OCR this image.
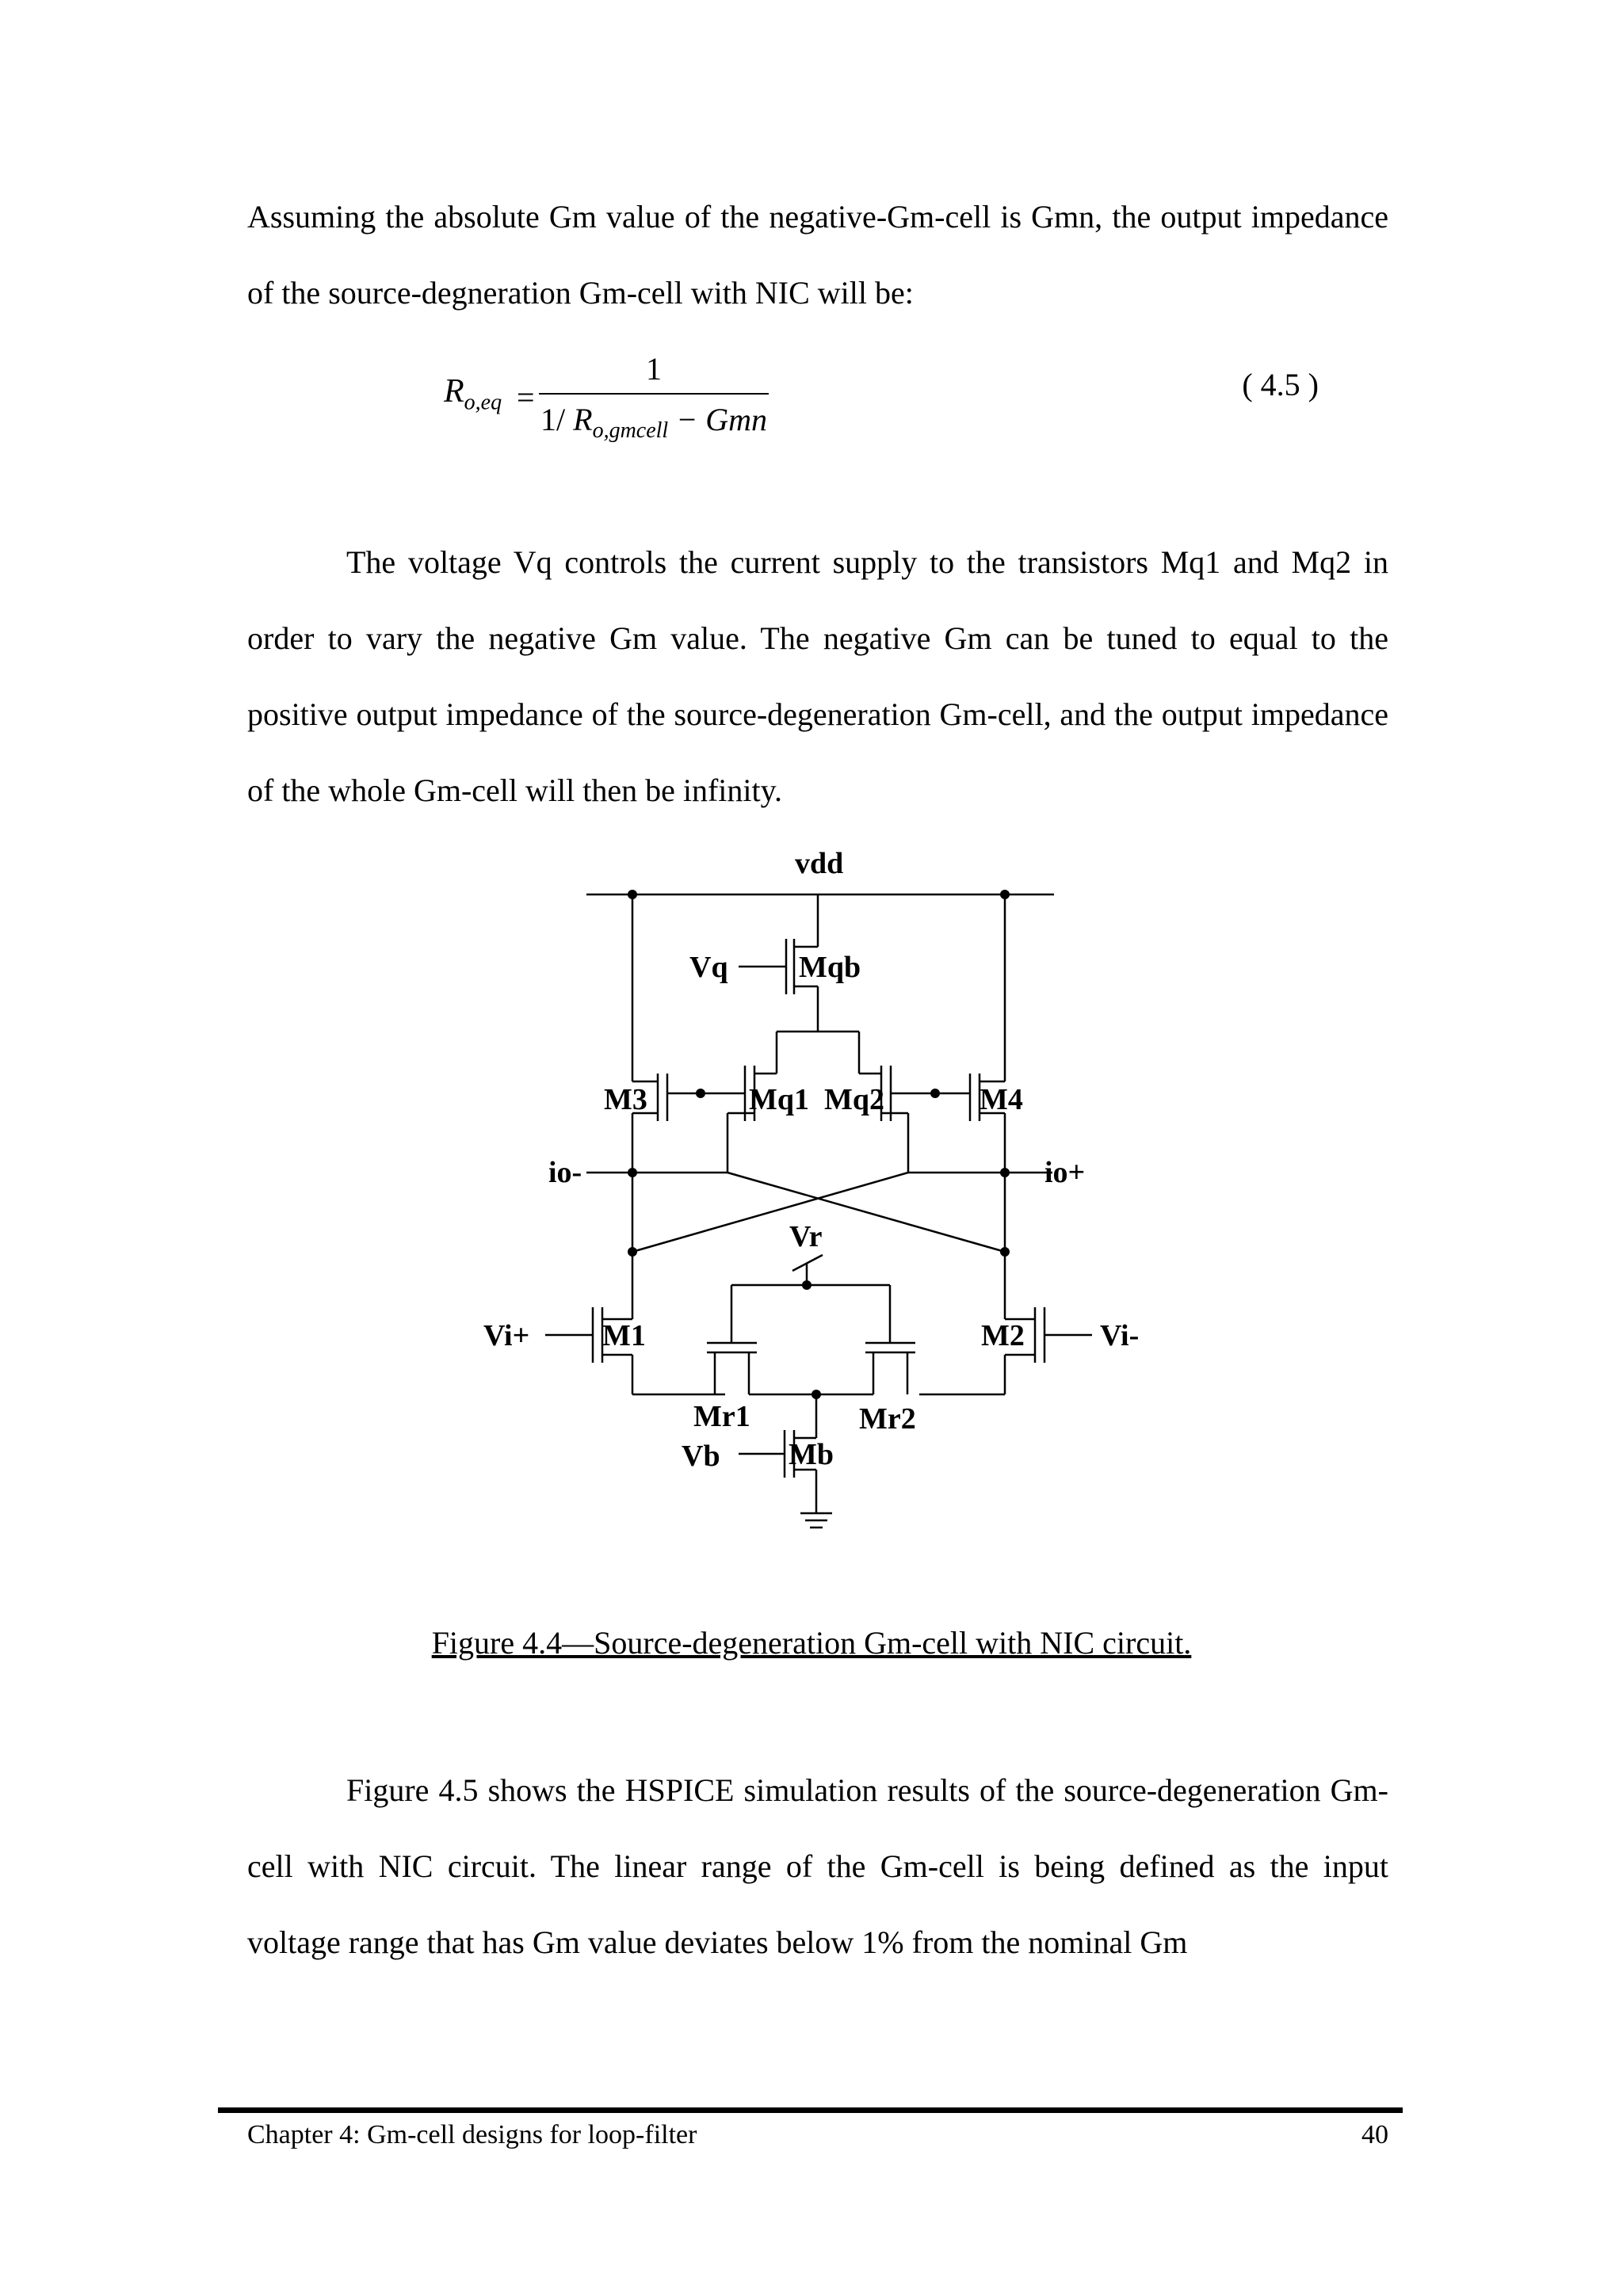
Assuming the absolute Gm value of the negative-Gm-cell is Gmn, the output impedance of the source-degneration Gm-cell with NIC will be:

$R_{o,eq}$ =
1
1/ $R_{o,gmcell}$ − Gmn
( 4.5 )

The voltage Vq controls the current supply to the transistors Mq1 and Mq2 in order to vary the negative Gm value. The negative Gm can be tuned to equal to the positive output impedance of the source-degeneration Gm-cell, and the output impedance of the whole Gm-cell will then be infinity.

vdd
Vq Mqb
M3	Mq1 Mq2	M4
io-	io+
Vr
Vi+ M1	M2	Vi-
Mr1	Mr2
Vb Mb
Figure 4.4—Source-degeneration Gm-cell with NIC circuit.

Figure 4.5 shows the HSPICE simulation results of the source-degeneration Gm-cell with NIC circuit. The linear range of the Gm-cell is being defined as the input voltage range that has Gm value deviates below 1% from the nominal Gm

Chapter 4: Gm-cell designs for loop-filter	40
